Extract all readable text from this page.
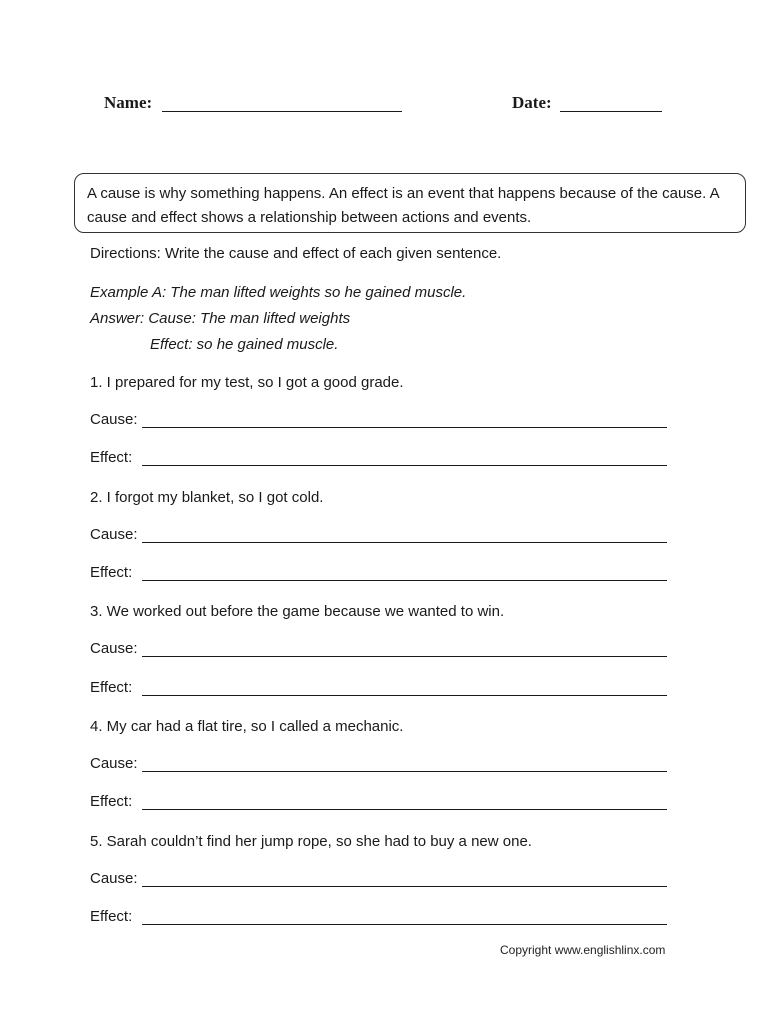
Name:	Date:
A cause is why something happens. An effect is an event that happens because of the cause. A cause and effect shows a relationship between actions and events.
Directions: Write the cause and effect of each given sentence.
Example A: The man lifted weights so he gained muscle.
Answer: Cause: The man lifted weights
Effect: so he gained muscle.
1. I prepared for my test, so I got a good grade.
Cause:
Effect:
2. I forgot my blanket, so I got cold.
Cause:
Effect:
3. We worked out before the game because we wanted to win.
Cause:
Effect:
4. My car had a flat tire, so I called a mechanic.
Cause:
Effect:
5. Sarah couldn’t find her jump rope, so she had to buy a new one.
Cause:
Effect:
Copyright www.englishlinx.com
